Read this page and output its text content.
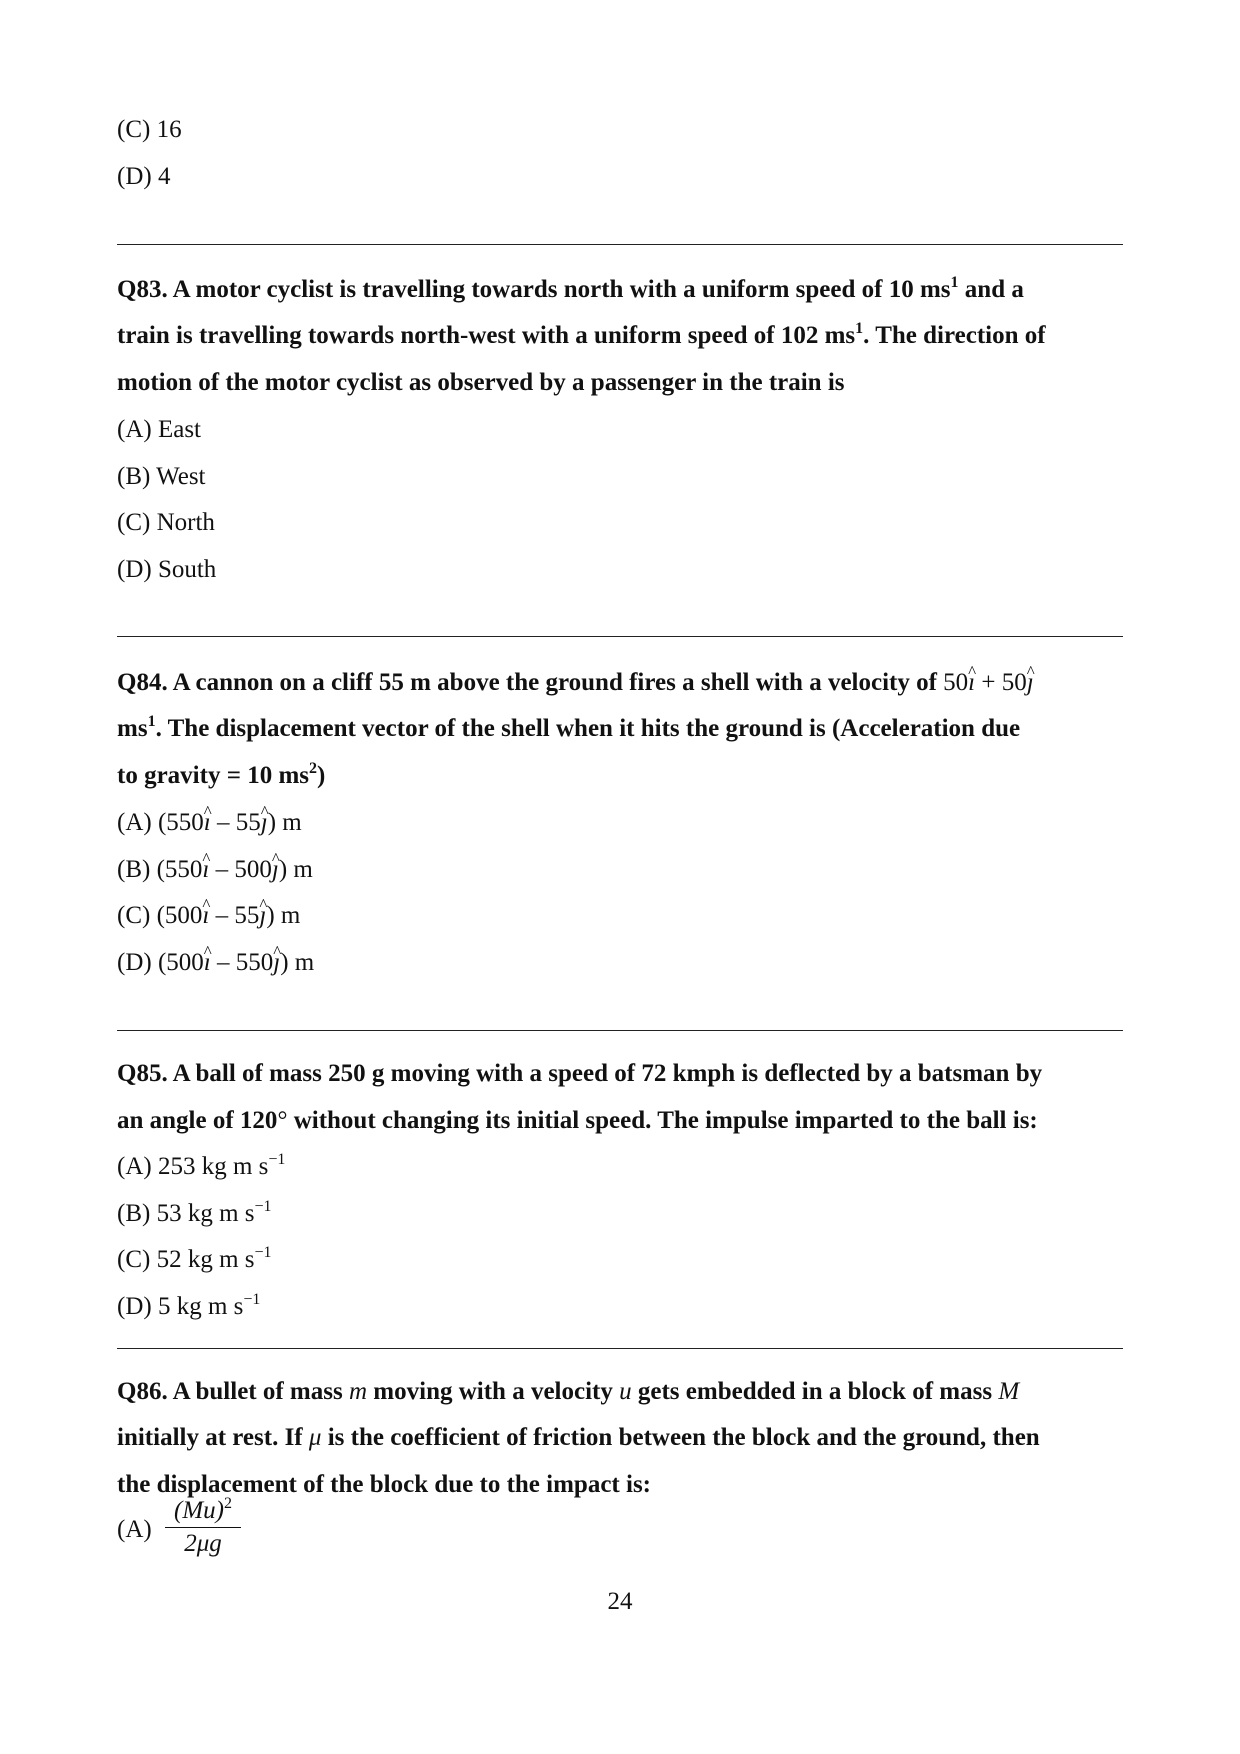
(C) 16
(D) 4
Q83. A motor cyclist is travelling towards north with a uniform speed of 10 $ms^1$ and a
train is travelling towards north-west with a uniform speed of 102 $ms^1$. The direction of
motion of the motor cyclist as observed by a passenger in the train is
(A) East
(B) West
(C) North
(D) South
Q84. A cannon on a cliff 55 m above the ground fires a shell with a velocity of 50^ ı + 50^ ȷ
$ms^1$. The displacement vector of the shell when it hits the ground is (Acceleration due
to gravity = 10 $ms^2$)
(A) (550^ ı – 55^ ȷ) m
(B) (550^ ı – 500^ ȷ) m
(C) (500^ ı – 55^ ȷ) m
(D) (500^ ı – 550^ ȷ) m
Q85. A ball of mass 250 g moving with a speed of 72 kmph is deflected by a batsman by
an angle of 120° without changing its initial speed. The impulse imparted to the ball is:
(A) 253 kg m $s^{-1}$
(B) 53 kg m $s^{-1}$
(C) 52 kg m $s^{-1}$
(D) 5 kg m $s^{-1}$
Q86. A bullet of mass m moving with a velocity u gets embedded in a block of mass M
initially at rest. If μ is the coefficient of friction between the block and the ground, then
the displacement of the block due to the impact is:
(A)
$(Mu)^2$
2μg
24
